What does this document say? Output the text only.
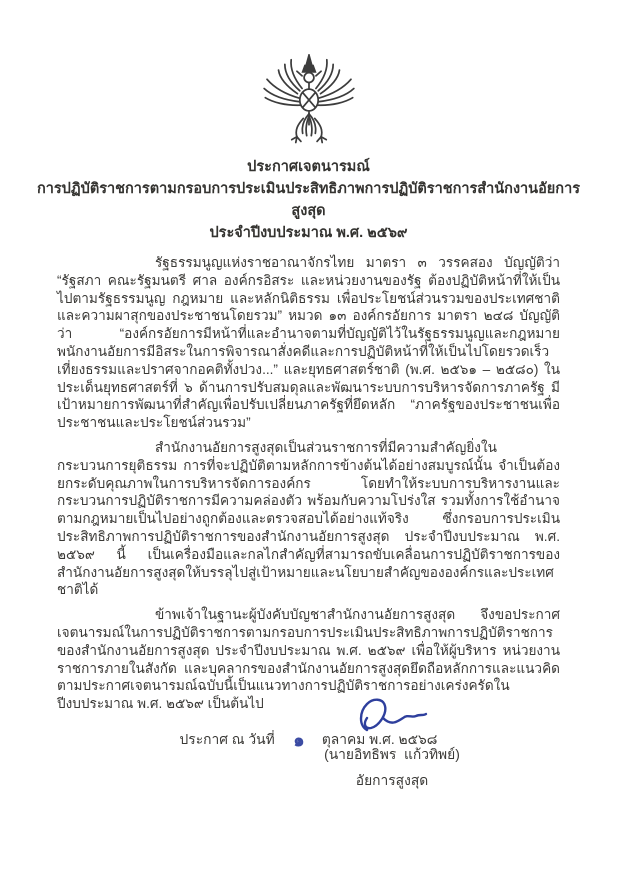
ประกาศเจตนารมณ์
การปฏิบัติราชการตามกรอบการประเมินประสิทธิภาพการปฏิบัติราชการสำนักงานอัยการสูงสุด
ประจำปีงบประมาณ พ.ศ. ๒๕๖๙

รัฐธรรมนูญแห่งราชอาณาจักรไทย มาตรา ๓ วรรคสอง บัญญัติว่า “รัฐสภา คณะรัฐมนตรี ศาล องค์กรอิสระ และหน่วยงานของรัฐ ต้องปฏิบัติหน้าที่ให้เป็นไปตามรัฐธรรมนูญ กฎหมาย และหลักนิติธรรม เพื่อประโยชน์ส่วนรวมของประเทศชาติและความผาสุกของประชาชนโดยรวม” หมวด ๑๓ องค์กรอัยการ มาตรา ๒๔๘ บัญญัติว่า “องค์กรอัยการมีหน้าที่และอำนาจตามที่บัญญัติไว้ในรัฐธรรมนูญและกฎหมาย พนักงานอัยการมีอิสระในการพิจารณาสั่งคดีและการปฏิบัติหน้าที่ให้เป็นไปโดยรวดเร็ว เที่ยงธรรมและปราศจากอคติทั้งปวง...” และยุทธศาสตร์ชาติ (พ.ศ. ๒๕๖๑ – ๒๕๘๐) ในประเด็นยุทธศาสตร์ที่ ๖ ด้านการปรับสมดุลและพัฒนาระบบการบริหารจัดการภาครัฐ มีเป้าหมายการพัฒนาที่สำคัญเพื่อปรับเปลี่ยนภาครัฐที่ยึดหลัก “ภาครัฐของประชาชนเพื่อประชาชนและประโยชน์ส่วนรวม”

สำนักงานอัยการสูงสุดเป็นส่วนราชการที่มีความสำคัญยิ่งในกระบวนการยุติธรรม การที่จะปฏิบัติตามหลักการข้างต้นได้อย่างสมบูรณ์นั้น จำเป็นต้องยกระดับคุณภาพในการบริหารจัดการองค์กร โดยทำให้ระบบการบริหารงานและกระบวนการปฏิบัติราชการมีความคล่องตัว พร้อมกับความโปร่งใส รวมทั้งการใช้อำนาจตามกฎหมายเป็นไปอย่างถูกต้องและตรวจสอบได้อย่างแท้จริง ซึ่งกรอบการประเมินประสิทธิภาพการปฏิบัติราชการของสำนักงานอัยการสูงสุด ประจำปีงบประมาณ พ.ศ. ๒๕๖๙ นี้ เป็นเครื่องมือและกลไกสำคัญที่สามารถขับเคลื่อนการปฏิบัติราชการของสำนักงานอัยการสูงสุดให้บรรลุไปสู่เป้าหมายและนโยบายสำคัญขององค์กรและประเทศชาติได้

ข้าพเจ้าในฐานะผู้บังคับบัญชาสำนักงานอัยการสูงสุด จึงขอประกาศเจตนารมณ์ในการปฏิบัติราชการตามกรอบการประเมินประสิทธิภาพการปฏิบัติราชการของสำนักงานอัยการสูงสุด ประจำปีงบประมาณ พ.ศ. ๒๕๖๙ เพื่อให้ผู้บริหาร หน่วยงานราชการภายในสังกัด และบุคลากรของสำนักงานอัยการสูงสุดยึดถือหลักการและแนวคิดตามประกาศเจตนารมณ์ฉบับนี้เป็นแนวทางการปฏิบัติราชการอย่างเคร่งครัดในปีงบประมาณ พ.ศ. ๒๕๖๙ เป็นต้นไป

ประกาศ ณ วันที่ ๑ ตุลาคม พ.ศ. ๒๕๖๘
(นายอิทธิพร  แก้วทิพย์)
อัยการสูงสุด
